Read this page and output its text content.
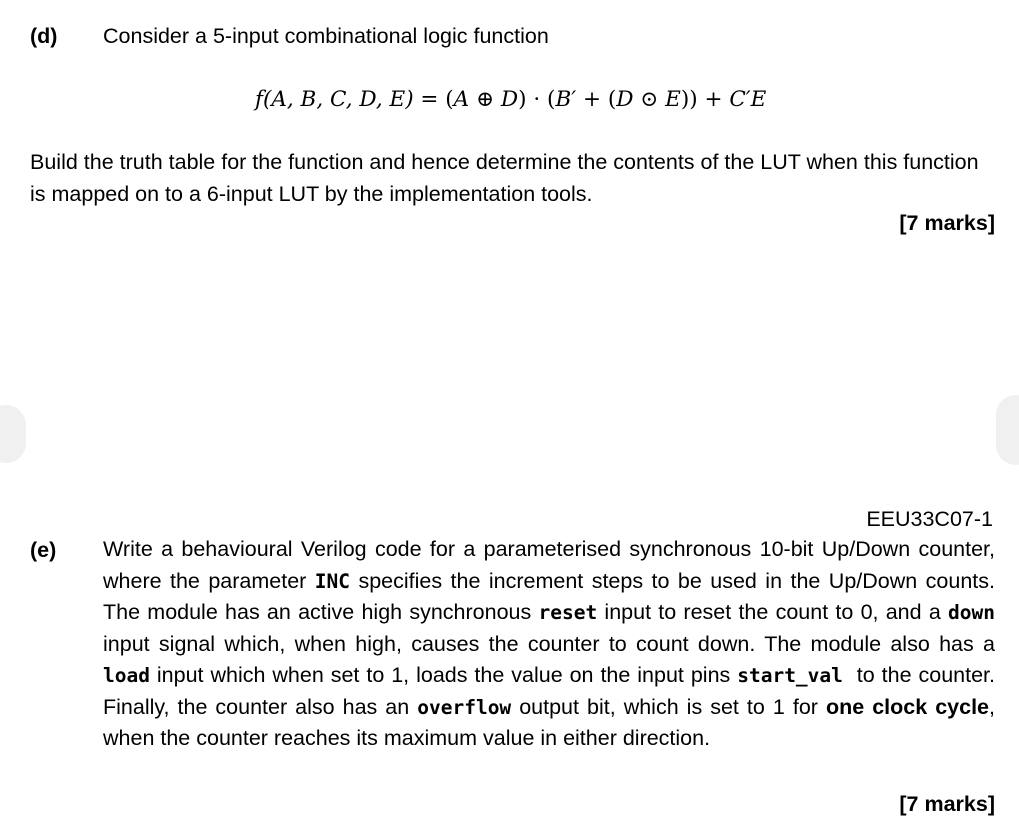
(d) Consider a 5-input combinational logic function
f(A, B, C, D, E) = (A ⊕ D) · (B′ + (D ⊙ E)) + C′E
Build the truth table for the function and hence determine the contents of the LUT when this function is mapped on to a 6-input LUT by the implementation tools.
[7 marks]
EEU33C07-1
(e) Write a behavioural Verilog code for a parameterised synchronous 10-bit Up/Down counter, where the parameter INC specifies the increment steps to be used in the Up/Down counts. The module has an active high synchronous reset input to reset the count to 0, and a down input signal which, when high, causes the counter to count down. The module also has a load input which when set to 1, loads the value on the input pins start_val  to the counter. Finally, the counter also has an overflow output bit, which is set to 1 for one clock cycle, when the counter reaches its maximum value in either direction.
[7 marks]
